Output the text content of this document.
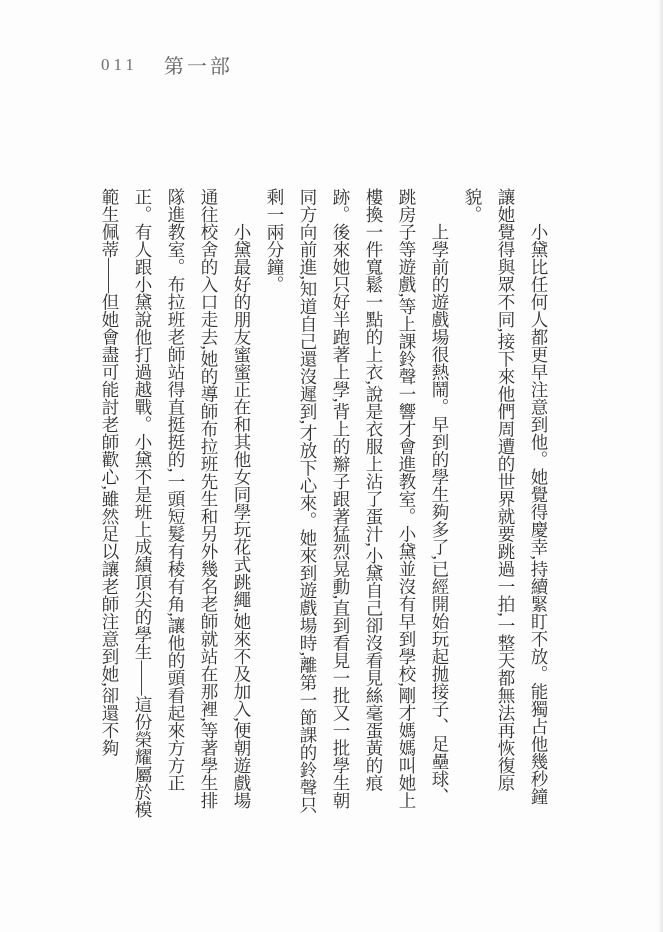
011 第一部

小黛比任何人都更早注意到他。她覺得慶幸,持續緊盯不放。能獨占他幾秒鐘讓她覺得與眾不同,接下來他們周遭的世界就要跳過一拍,一整天都無法再恢復原貌。

上學前的遊戲場很熱鬧。早到的學生夠多了,已經開始玩起拋接子、足壘球、跳房子等遊戲,等上課鈴聲一響才會進教室。小黛並沒有早到學校,剛才媽媽叫她上樓換一件寬鬆一點的上衣,說是衣服上沾了蛋汁,小黛自己卻沒看見絲毫蛋黃的痕跡。後來她只好半跑著上學,背上的辮子跟著猛烈晃動,直到看見一批又一批學生朝同方向前進,知道自己還沒遲到,才放下心來。她來到遊戲場時,離第一節課的鈴聲只剩一兩分鐘。

小黛最好的朋友蜜蜜正在和其他女同學玩花式跳繩,她來不及加入,便朝遊戲場通往校舍的入口走去,她的導師布拉班先生和另外幾名老師就站在那裡,等著學生排隊進教室。布拉班老師站得直挺挺的,一頭短髮有稜有角,讓他的頭看起來方方正正。有人跟小黛說他打過越戰。小黛不是班上成績頂尖的學生——這份榮耀屬於模範生佩蒂——但她會盡可能討老師歡心,雖然足以讓老師注意到她,卻還不夠
